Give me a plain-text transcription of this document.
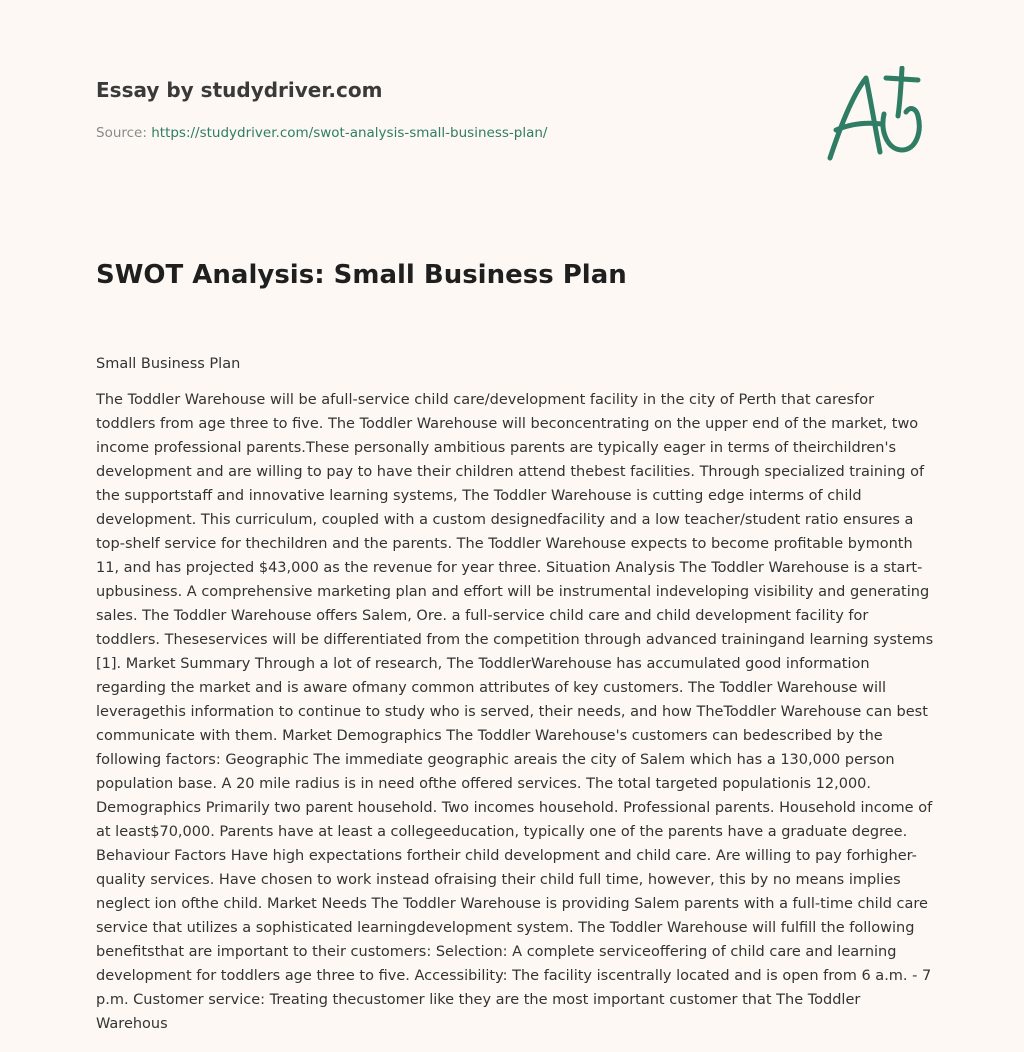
Essay by studydriver.com
Source: https://studydriver.com/swot-analysis-small-business-plan/
SWOT Analysis: Small Business Plan
Small Business Plan

The Toddler Warehouse will be afull-service child care/development facility in the city of Perth that caresfor toddlers from age three to five. The Toddler Warehouse will beconcentrating on the upper end of the market, two income professional parents.These personally ambitious parents are typically eager in terms of theirchildren's development and are willing to pay to have their children attend thebest facilities. Through specialized training of the supportstaff and innovative learning systems, The Toddler Warehouse is cutting edge interms of child development. This curriculum, coupled with a custom designedfacility and a low teacher/student ratio ensures a top-shelf service for thechildren and the parents. The Toddler Warehouse expects to become profitable bymonth 11, and has projected $43,000 as the revenue for year three. Situation Analysis The Toddler Warehouse is a start-upbusiness. A comprehensive marketing plan and effort will be instrumental indeveloping visibility and generating sales. The Toddler Warehouse offers Salem, Ore. a full-service child care and child development facility for toddlers. Theseservices will be differentiated from the competition through advanced trainingand learning systems [1]. Market Summary Through a lot of research, The ToddlerWarehouse has accumulated good information regarding the market and is aware ofmany common attributes of key customers. The Toddler Warehouse will leveragethis information to continue to study who is served, their needs, and how TheToddler Warehouse can best communicate with them. Market Demographics The Toddler Warehouse's customers can bedescribed by the following factors: Geographic The immediate geographic areais the city of Salem which has a 130,000 person population base. A 20 mile radius is in need ofthe offered services. The total targeted populationis 12,000. Demographics Primarily two parent household. Two incomes household. Professional parents. Household income of at least$70,000. Parents have at least a collegeeducation, typically one of the parents have a graduate degree. Behaviour Factors Have high expectations fortheir child development and child care. Are willing to pay forhigher-quality services. Have chosen to work instead ofraising their child full time, however, this by no means implies neglect ion ofthe child. Market Needs The Toddler Warehouse is providing Salem parents with a full-time child care service that utilizes a sophisticated learningdevelopment system. The Toddler Warehouse will fulfill the following benefitsthat are important to their customers: Selection: A complete serviceoffering of child care and learning development for toddlers age three to five. Accessibility: The facility iscentrally located and is open from 6 a.m. - 7 p.m. Customer service: Treating thecustomer like they are the most important customer that The Toddler Warehous
